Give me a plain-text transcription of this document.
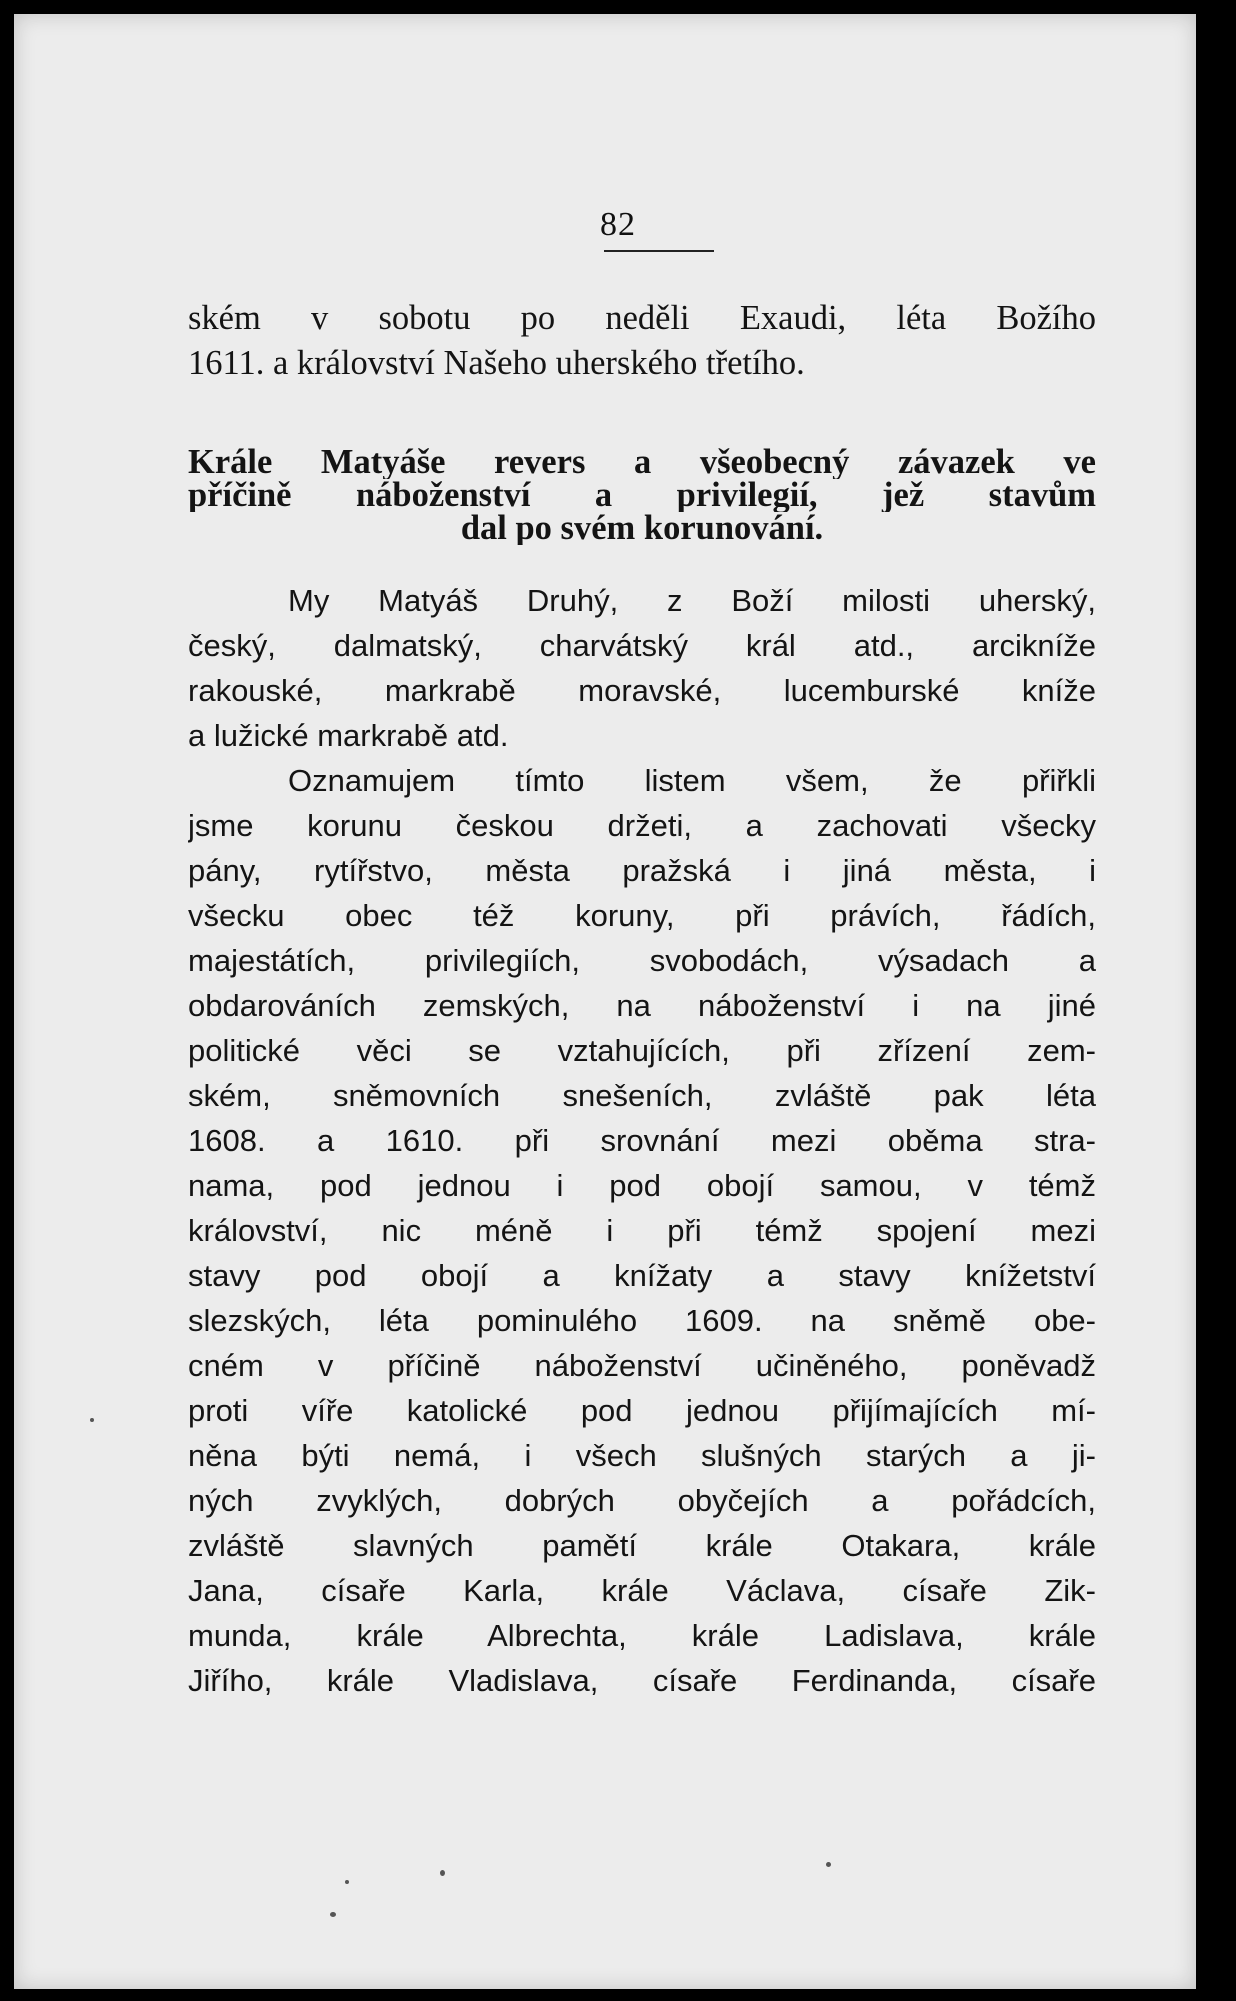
82
ském v sobotu po neděli Exaudi, léta Božího
1611. a království Našeho uherského třetího.
Krále Matyáše revers a všeobecný závazek ve
příčině náboženství a privilegií, jež stavům
dal po svém korunování.
My Matyáš Druhý, z Boží milosti uherský,
český, dalmatský, charvátský král atd., arcikníže
rakouské, markrabě moravské, lucemburské kníže
a lužické markrabě atd.
Oznamujem tímto listem všem, že přiřkli
jsme korunu českou držeti, a zachovati všecky
pány, rytířstvo, města pražská i jiná města, i
všecku obec též koruny, při právích, řádích,
majestátích, privilegiích, svobodách, výsadach a
obdarováních zemských, na náboženství i na jiné
politické věci se vztahujících, při zřízení zem-
ském, sněmovních snešeních, zvláště pak léta
1608. a 1610. při srovnání mezi oběma stra-
nama, pod jednou i pod obojí samou, v témž
království, nic méně i při témž spojení mezi
stavy pod obojí a knížaty a stavy knížetství
slezských, léta pominulého 1609. na sněmě obe-
cném v příčině náboženství učiněného, poněvadž
proti víře katolické pod jednou přijímajících mí-
něna býti nemá, i všech slušných starých a ji-
ných zvyklých, dobrých obyčejích a pořádcích,
zvláště slavných pamětí krále Otakara, krále
Jana, císaře Karla, krále Václava, císaře Zik-
munda, krále Albrechta, krále Ladislava, krále
Jiřího, krále Vladislava, císaře Ferdinanda, císaře
